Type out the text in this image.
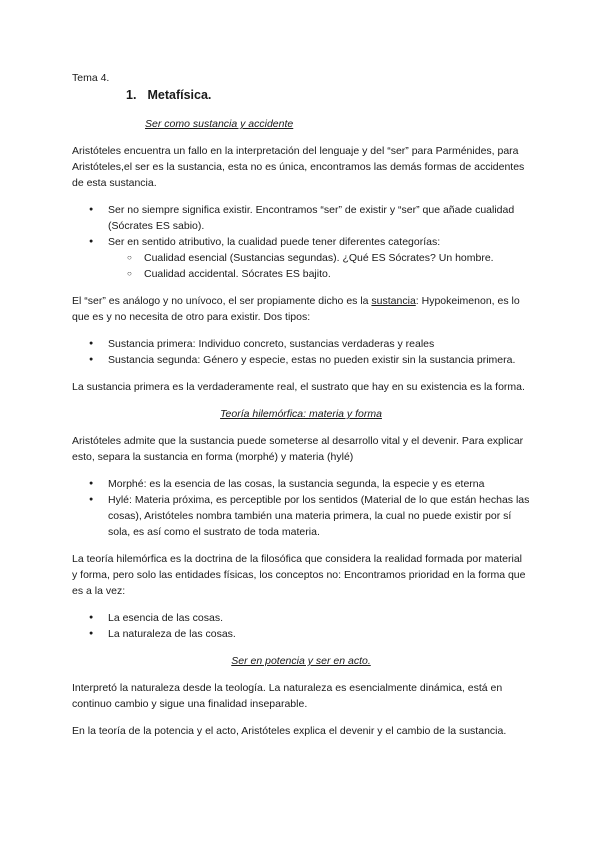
Tema 4.
1. Metafísica.
Ser como sustancia y accidente

Aristóteles encuentra un fallo en la interpretación del lenguaje y del “ser” para Parménides, para Aristóteles,el ser es la sustancia, esta no es única, encontramos las demás formas de accidentes de esta sustancia.

● Ser no siempre significa existir. Encontramos “ser” de existir y “ser” que añade cualidad (Sócrates ES sabio).
● Ser en sentido atributivo, la cualidad puede tener diferentes categorías:
○ Cualidad esencial (Sustancias segundas). ¿Qué ES Sócrates? Un hombre.
○ Cualidad accidental. Sócrates ES bajito.

El “ser” es análogo y no unívoco, el ser propiamente dicho es la sustancia: Hypokeimenon, es lo que es y no necesita de otro para existir. Dos tipos:

● Sustancia primera: Individuo concreto, sustancias verdaderas y reales
● Sustancia segunda: Género y especie, estas no pueden existir sin la sustancia primera.

La sustancia primera es la verdaderamente real, el sustrato que hay en su existencia es la forma.

Teoría hilemórfica: materia y forma

Aristóteles admite que la sustancia puede someterse al desarrollo vital y el devenir. Para explicar esto, separa la sustancia en forma (morphé) y materia (hylé)

● Morphé: es la esencia de las cosas, la sustancia segunda, la especie y es eterna
● Hylé: Materia próxima, es perceptible por los sentidos (Material de lo que están hechas las cosas), Aristóteles nombra también una materia primera, la cual no puede existir por sí sola, es así como el sustrato de toda materia.

La teoría hilemórfica es la doctrina de la filosófica que considera la realidad formada por material y forma, pero solo las entidades físicas, los conceptos no: Encontramos prioridad en la forma que es a la vez:

● La esencia de las cosas.
● La naturaleza de las cosas.
Ser en potencia y ser en acto.

Interpretó la naturaleza desde la teología. La naturaleza es esencialmente dinámica, está en continuo cambio y sigue una finalidad inseparable.

En la teoría de la potencia y el acto, Aristóteles explica el devenir y el cambio de la sustancia.
